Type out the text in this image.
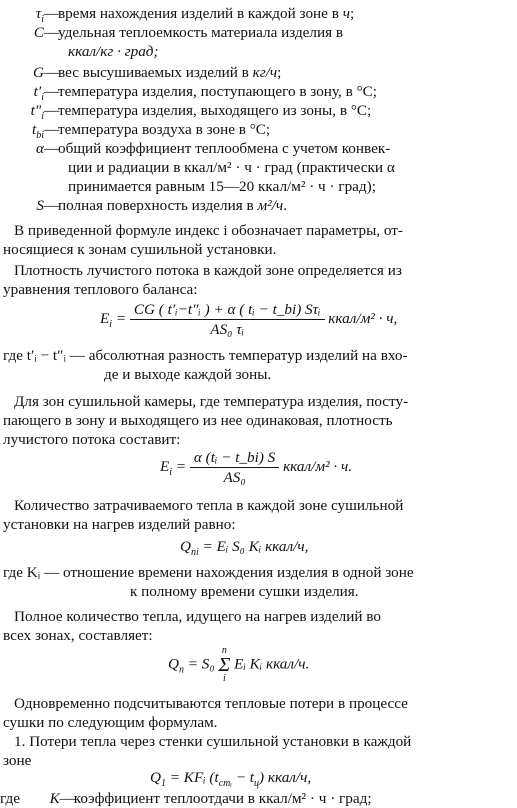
$\tau_i—время$ нахождения изделий в каждой зоне в ч;
C—удельная теплоемкость материала изделия в
ккал/кг · град;
G—вес высушиваемых изделий в кг/ч;
$t'_i—температура$ изделия, поступающего в зону, в °C;
$t''_i—температура$ изделия, выходящего из зоны, в °C;
$t_{bi}—температура$ воздуха в зоне в °C;
α—общий коэффициент теплообмена с учетом конвек-
ции и радиации в ккал/м² · ч · град (практически α
принимается равным 15—20 ккал/м² · ч · град);
S—полная поверхность изделия в м²/ч.
В приведенной формуле индекс i обозначает параметры, от-
носящиеся к зонам сушильной установки.
Плотность лучистого потока в каждой зоне определяется из
уравнения теплового баланса:
$E_i = \frac{\text{CG ( t′ᵢ−t″ᵢ ) + α ( tᵢ − t\_bi) Sτᵢ}}{\text{AS₀ τᵢ}}$ ккал/м² · ч,
где t′ᵢ − t″ᵢ — абсолютная разность температур изделий на вхо-
де и выходе каждой зоны.
Для зон сушильной камеры, где температура изделия, посту-
пающего в зону и выходящего из нее одинаковая, плотность
лучистого потока составит:
$E_i = \frac{\text{α (tᵢ − t\_bi) S}}{\text{AS₀}}$ ккал/м² · ч.
Количество затрачиваемого тепла в каждой зоне сушильной
установки на нагрев изделий равно:
$Q_{ni}$ = Eᵢ S₀ Kᵢ ккал/ч,
где Kᵢ — отношение времени нахождения изделия в одной зоне
к полному времени сушки изделия.
Полное количество тепла, идущего на нагрев изделий во
всех зонах, составляет:
$Q_п = S_0$
n
Σ
i
Eᵢ Kᵢ ккал/ч.
Одновременно подсчитываются тепловые потери в процессе
сушки по следующим формулам.
1. Потери тепла через стенки сушильной установки в каждой
зоне
$Q_1$ = KFᵢ $(t_{стᵢ} - t_ц)$ ккал/ч,
где K—коэффициент теплоотдачи в ккал/м² · ч · град;
